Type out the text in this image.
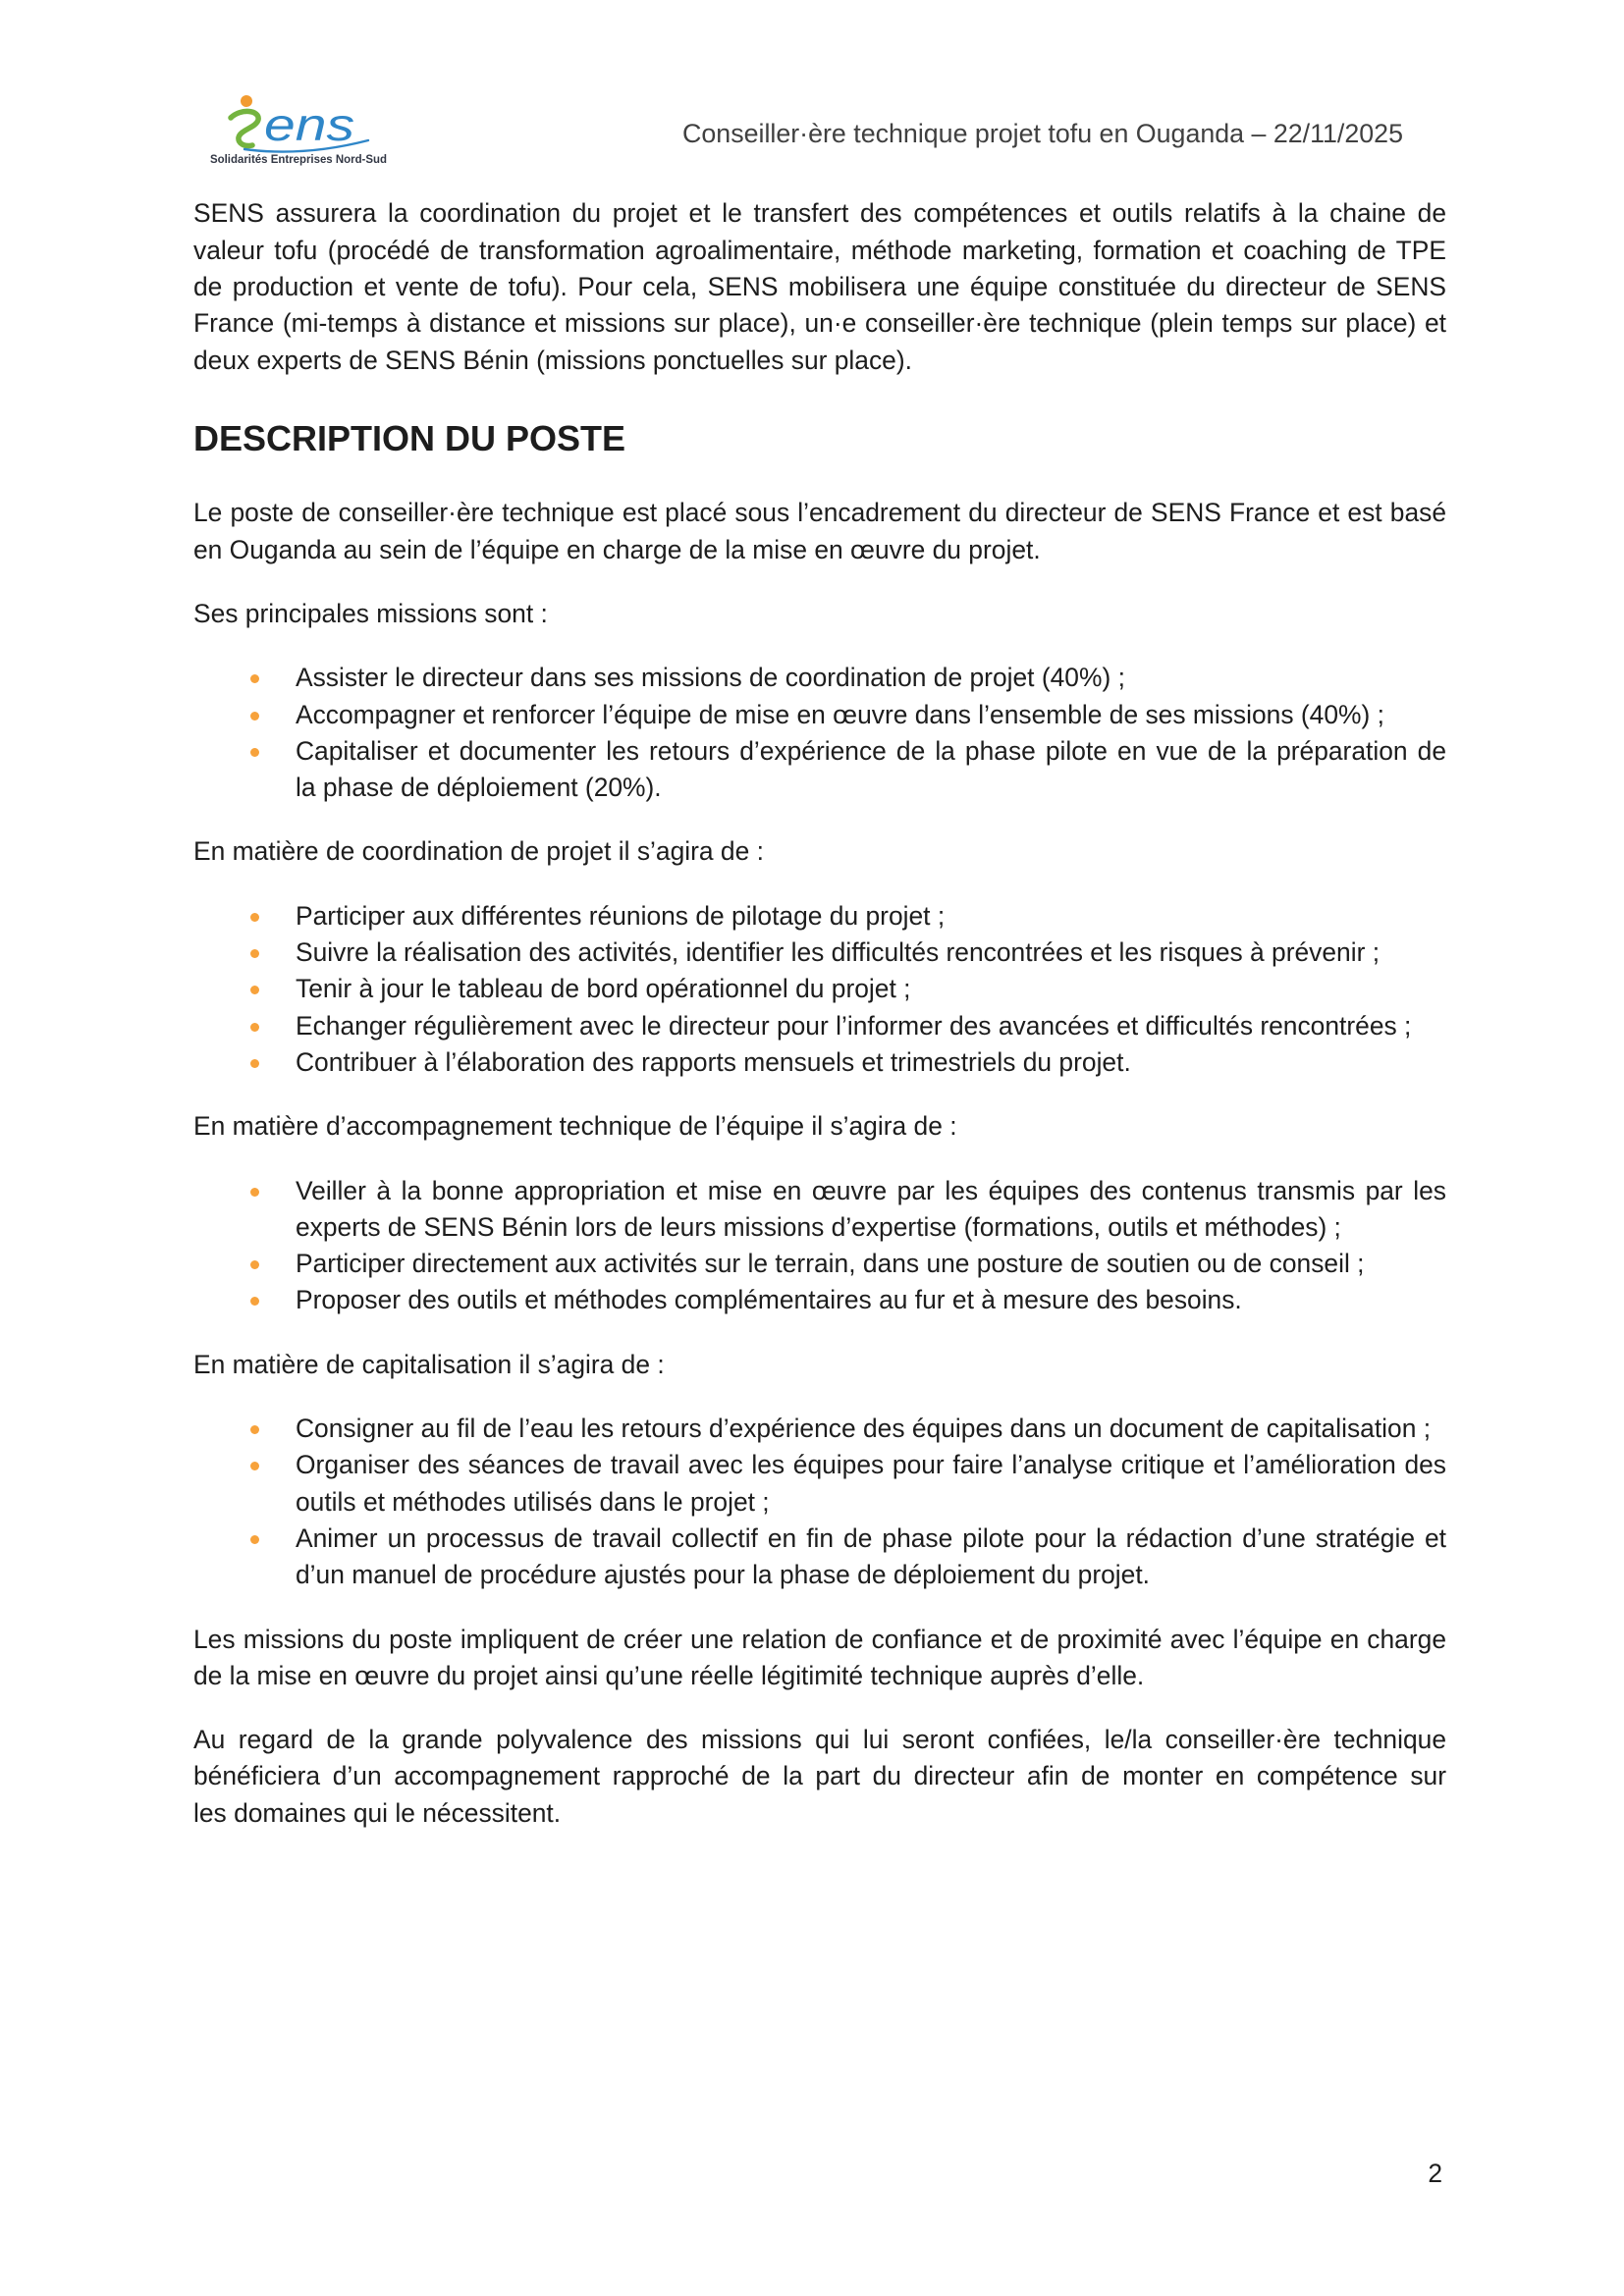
ens
Solidarités Entreprises Nord-Sud
Conseiller·ère technique projet tofu en Ouganda – 22/11/2025
SENS assurera la coordination du projet et le transfert des compétences et outils relatifs à la chaine de
valeur tofu (procédé de transformation agroalimentaire, méthode marketing, formation et coaching de TPE
de production et vente de tofu). Pour cela, SENS mobilisera une équipe constituée du directeur de SENS
France (mi-temps à distance et missions sur place), un·e conseiller·ère technique (plein temps sur place) et
deux experts de SENS Bénin (missions ponctuelles sur place).
DESCRIPTION DU POSTE
Le poste de conseiller·ère technique est placé sous l’encadrement du directeur de SENS France et est basé
en Ouganda au sein de l’équipe en charge de la mise en œuvre du projet.
Ses principales missions sont :
Assister le directeur dans ses missions de coordination de projet (40%) ;
Accompagner et renforcer l’équipe de mise en œuvre dans l’ensemble de ses missions (40%) ;
Capitaliser et documenter les retours d’expérience de la phase pilote en vue de la préparation de
la phase de déploiement (20%).
En matière de coordination de projet il s’agira de :
Participer aux différentes réunions de pilotage du projet ;
Suivre la réalisation des activités, identifier les difficultés rencontrées et les risques à prévenir ;
Tenir à jour le tableau de bord opérationnel du projet ;
Echanger régulièrement avec le directeur pour l’informer des avancées et difficultés rencontrées ;
Contribuer à l’élaboration des rapports mensuels et trimestriels du projet.
En matière d’accompagnement technique de l’équipe il s’agira de :
Veiller à la bonne appropriation et mise en œuvre par les équipes des contenus transmis par les
experts de SENS Bénin lors de leurs missions d’expertise (formations, outils et méthodes) ;
Participer directement aux activités sur le terrain, dans une posture de soutien ou de conseil ;
Proposer des outils et méthodes complémentaires au fur et à mesure des besoins.
En matière de capitalisation il s’agira de :
Consigner au fil de l’eau les retours d’expérience des équipes dans un document de capitalisation ;
Organiser des séances de travail avec les équipes pour faire l’analyse critique et l’amélioration des
outils et méthodes utilisés dans le projet ;
Animer un processus de travail collectif en fin de phase pilote pour la rédaction d’une stratégie et
d’un manuel de procédure ajustés pour la phase de déploiement du projet.
Les missions du poste impliquent de créer une relation de confiance et de proximité avec l’équipe en charge
de la mise en œuvre du projet ainsi qu’une réelle légitimité technique auprès d’elle.
Au regard de la grande polyvalence des missions qui lui seront confiées, le/la conseiller·ère technique
bénéficiera d’un accompagnement rapproché de la part du directeur afin de monter en compétence sur
les domaines qui le nécessitent.
2
